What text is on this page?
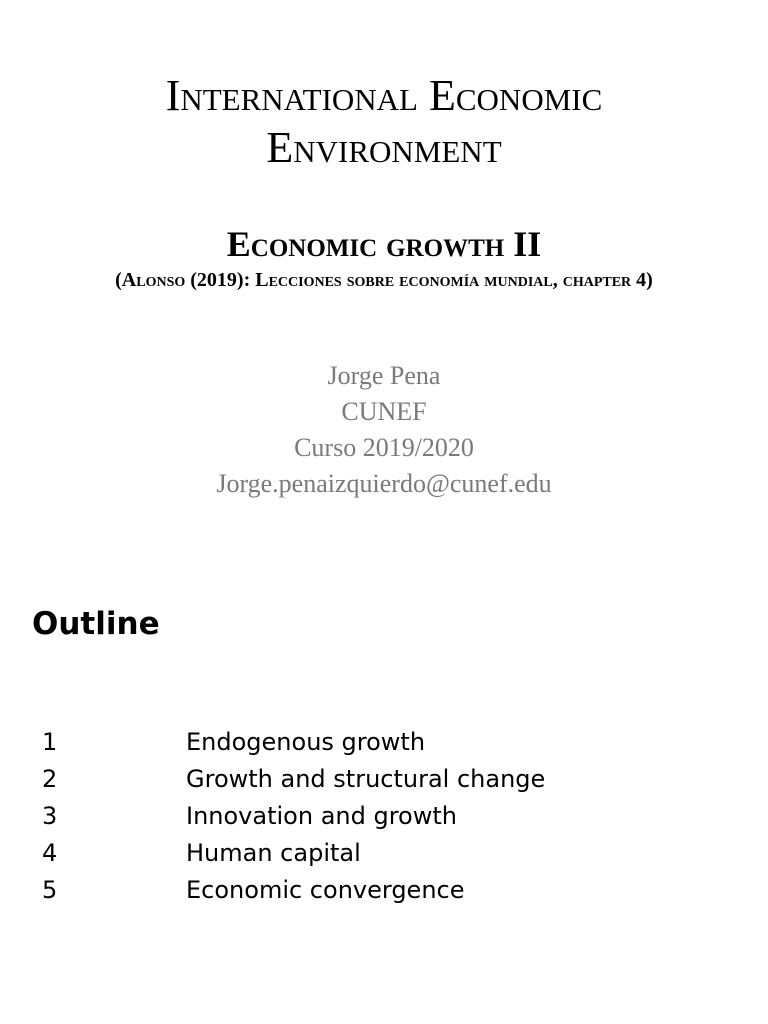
International Economic
Environment
Economic growth II

(Alonso (2019): Lecciones sobre economía mundial, chapter 4)

Jorge Pena
CUNEF
Curso 2019/2020
Jorge.penaizquierdo@cunef.edu
Outline
1	Endogenous growth
2	Growth and structural change
3	Innovation and growth
4	Human capital
5	Economic convergence
